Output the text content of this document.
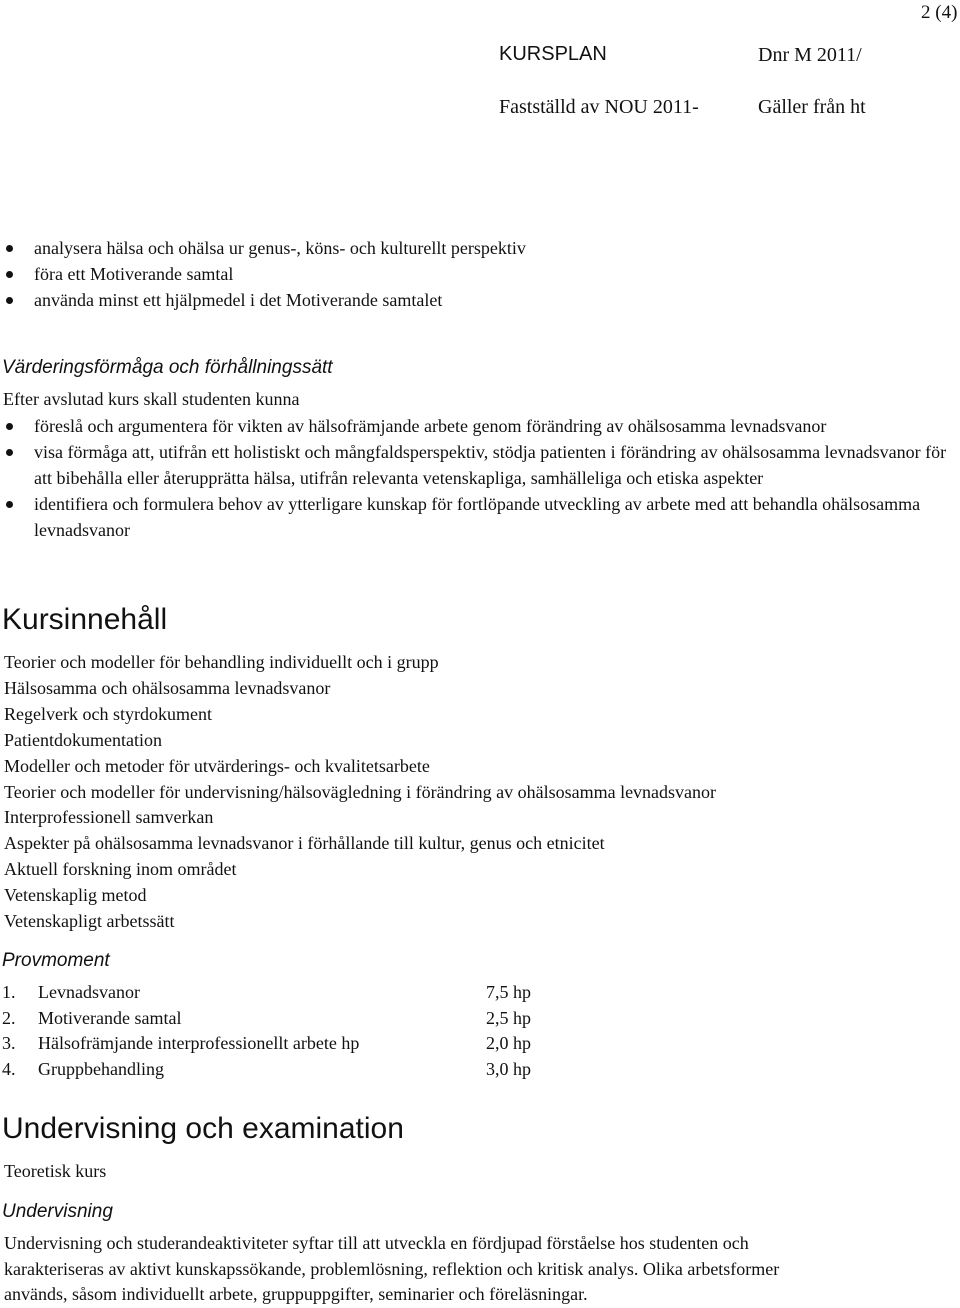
2 (4)
KURSPLAN	Dnr M 2011/
Fastställd av NOU 2011-	Gäller från ht
analysera hälsa och ohälsa ur genus-, köns- och kulturellt perspektiv
föra ett Motiverande samtal
använda minst ett hjälpmedel i det Motiverande samtalet
Värderingsförmåga och förhållningssätt
Efter avslutad kurs skall studenten kunna
föreslå och argumentera för vikten av hälsofrämjande arbete genom förändring av ohälsosamma levnadsvanor
visa förmåga att, utifrån ett holistiskt och mångfaldsperspektiv, stödja patienten i förändring av ohälsosamma levnadsvanor för att bibehålla eller återupprätta hälsa, utifrån relevanta vetenskapliga, samhälleliga och etiska aspekter
identifiera och formulera behov av ytterligare kunskap för fortlöpande utveckling av arbete med att behandla ohälsosamma levnadsvanor
Kursinnehåll
Teorier och modeller för behandling individuellt och i grupp
Hälsosamma och ohälsosamma levnadsvanor
Regelverk och styrdokument
Patientdokumentation
Modeller och metoder för utvärderings- och kvalitetsarbete
Teorier och modeller för undervisning/hälsovägledning i förändring av ohälsosamma levnadsvanor
Interprofessionell samverkan
Aspekter på ohälsosamma levnadsvanor i förhållande till kultur, genus och etnicitet
Aktuell forskning inom området
Vetenskaplig metod
Vetenskapligt arbetssätt
Provmoment
1. Levnadsvanor	7,5 hp
2. Motiverande samtal	2,5 hp
3. Hälsofrämjande interprofessionellt arbete hp	2,0 hp
4. Gruppbehandling	3,0 hp
Undervisning och examination
Teoretisk kurs
Undervisning
Undervisning och studerandeaktiviteter syftar till att utveckla en fördjupad förståelse hos studenten och
karakteriseras av aktivt kunskapssökande, problemlösning, reflektion och kritisk analys. Olika arbetsformer
används, såsom individuellt arbete, gruppuppgifter, seminarier och föreläsningar.
